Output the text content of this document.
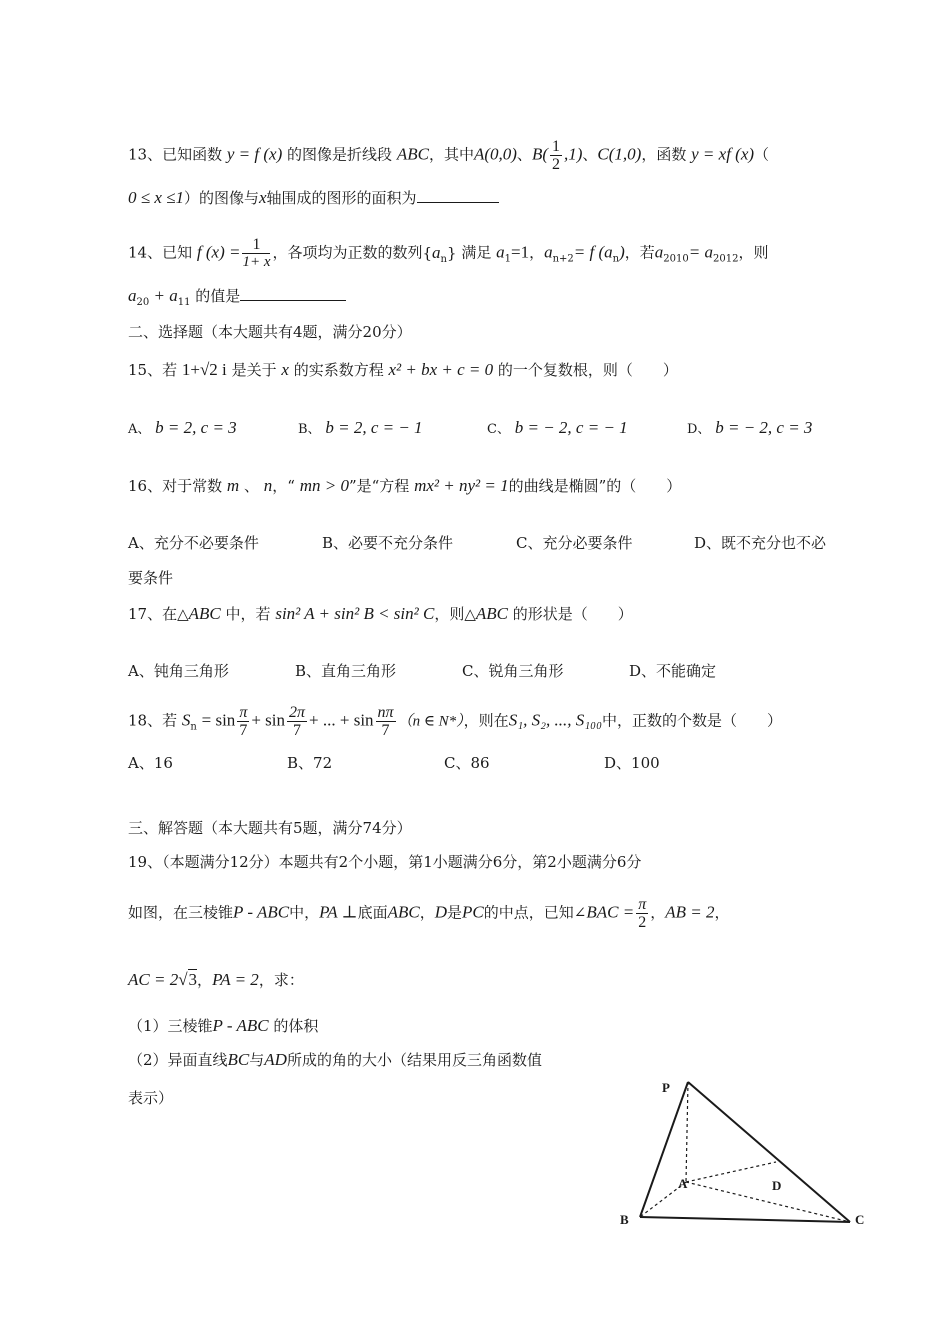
13、已知函数 y = f (x) 的图像是折线段 ABC，其中A(0,0)、$B( \frac{1}{2} ,1)$、C(1,0)，函数 y = xf (x)（
0 ≤ x ≤1）的图像与x轴围成的图形的面积为
14、已知 f $(x) = \frac{1}{1+ x}$ ，各项均为正数的数列$\{a_n\}$ 满足 $a_1=1$，$a_{n+2}= f$ $(a_n)$，若$a_{2010}= a_{2012}$，则
$a_{20} + a_{11}$ 的值是
二、选择题（本大题共有4题，满分20分）
15、若 1+√2 i 是关于 x 的实系数方程 x² + bx + c = 0 的一个复数根，则（　　）
A、 b = 2, c = 3	B、 b = 2, c = − 1	C、 b = − 2, c = − 1	D、 b = − 2, c = 3
16、对于常数 m 、 n，“ mn > 0”是“方程 mx² + ny² = 1的曲线是椭圆”的（　　）
A、充分不必要条件	B、必要不充分条件	C、充分必要条件	D、既不充分也不必
要条件
17、在△ABC 中，若 sin² A + sin² B < sin² C，则△ABC 的形状是（　　）
A、钝角三角形	B、直角三角形	C、锐角三角形	D、不能确定
18、若 $S_n = \sin \frac{\pi}{7} + \sin \frac{2\pi}{7}$ + ... + $\sin \frac{n\pi}{7} (n$ ∈ N*），则在S₁, S₂, ..., S₁₀₀中，正数的个数是（　　）
A、16	B、72	C、86	D、100
三、解答题（本大题共有5题，满分74分）
19、（本题满分12分）本题共有2个小题，第1小题满分6分，第2小题满分6分
如图，在三棱锥P - ABC中，PA ⊥底面ABC，D是PC的中点，已知∠BAC = $\frac{\pi}{2}$ ，AB = 2，
AC = 2√3，PA = 2，求：
（1）三棱锥P - ABC 的体积
（2）异面直线BC与AD所成的角的大小（结果用反三角函数值
表示）
P
A
B	C
D
